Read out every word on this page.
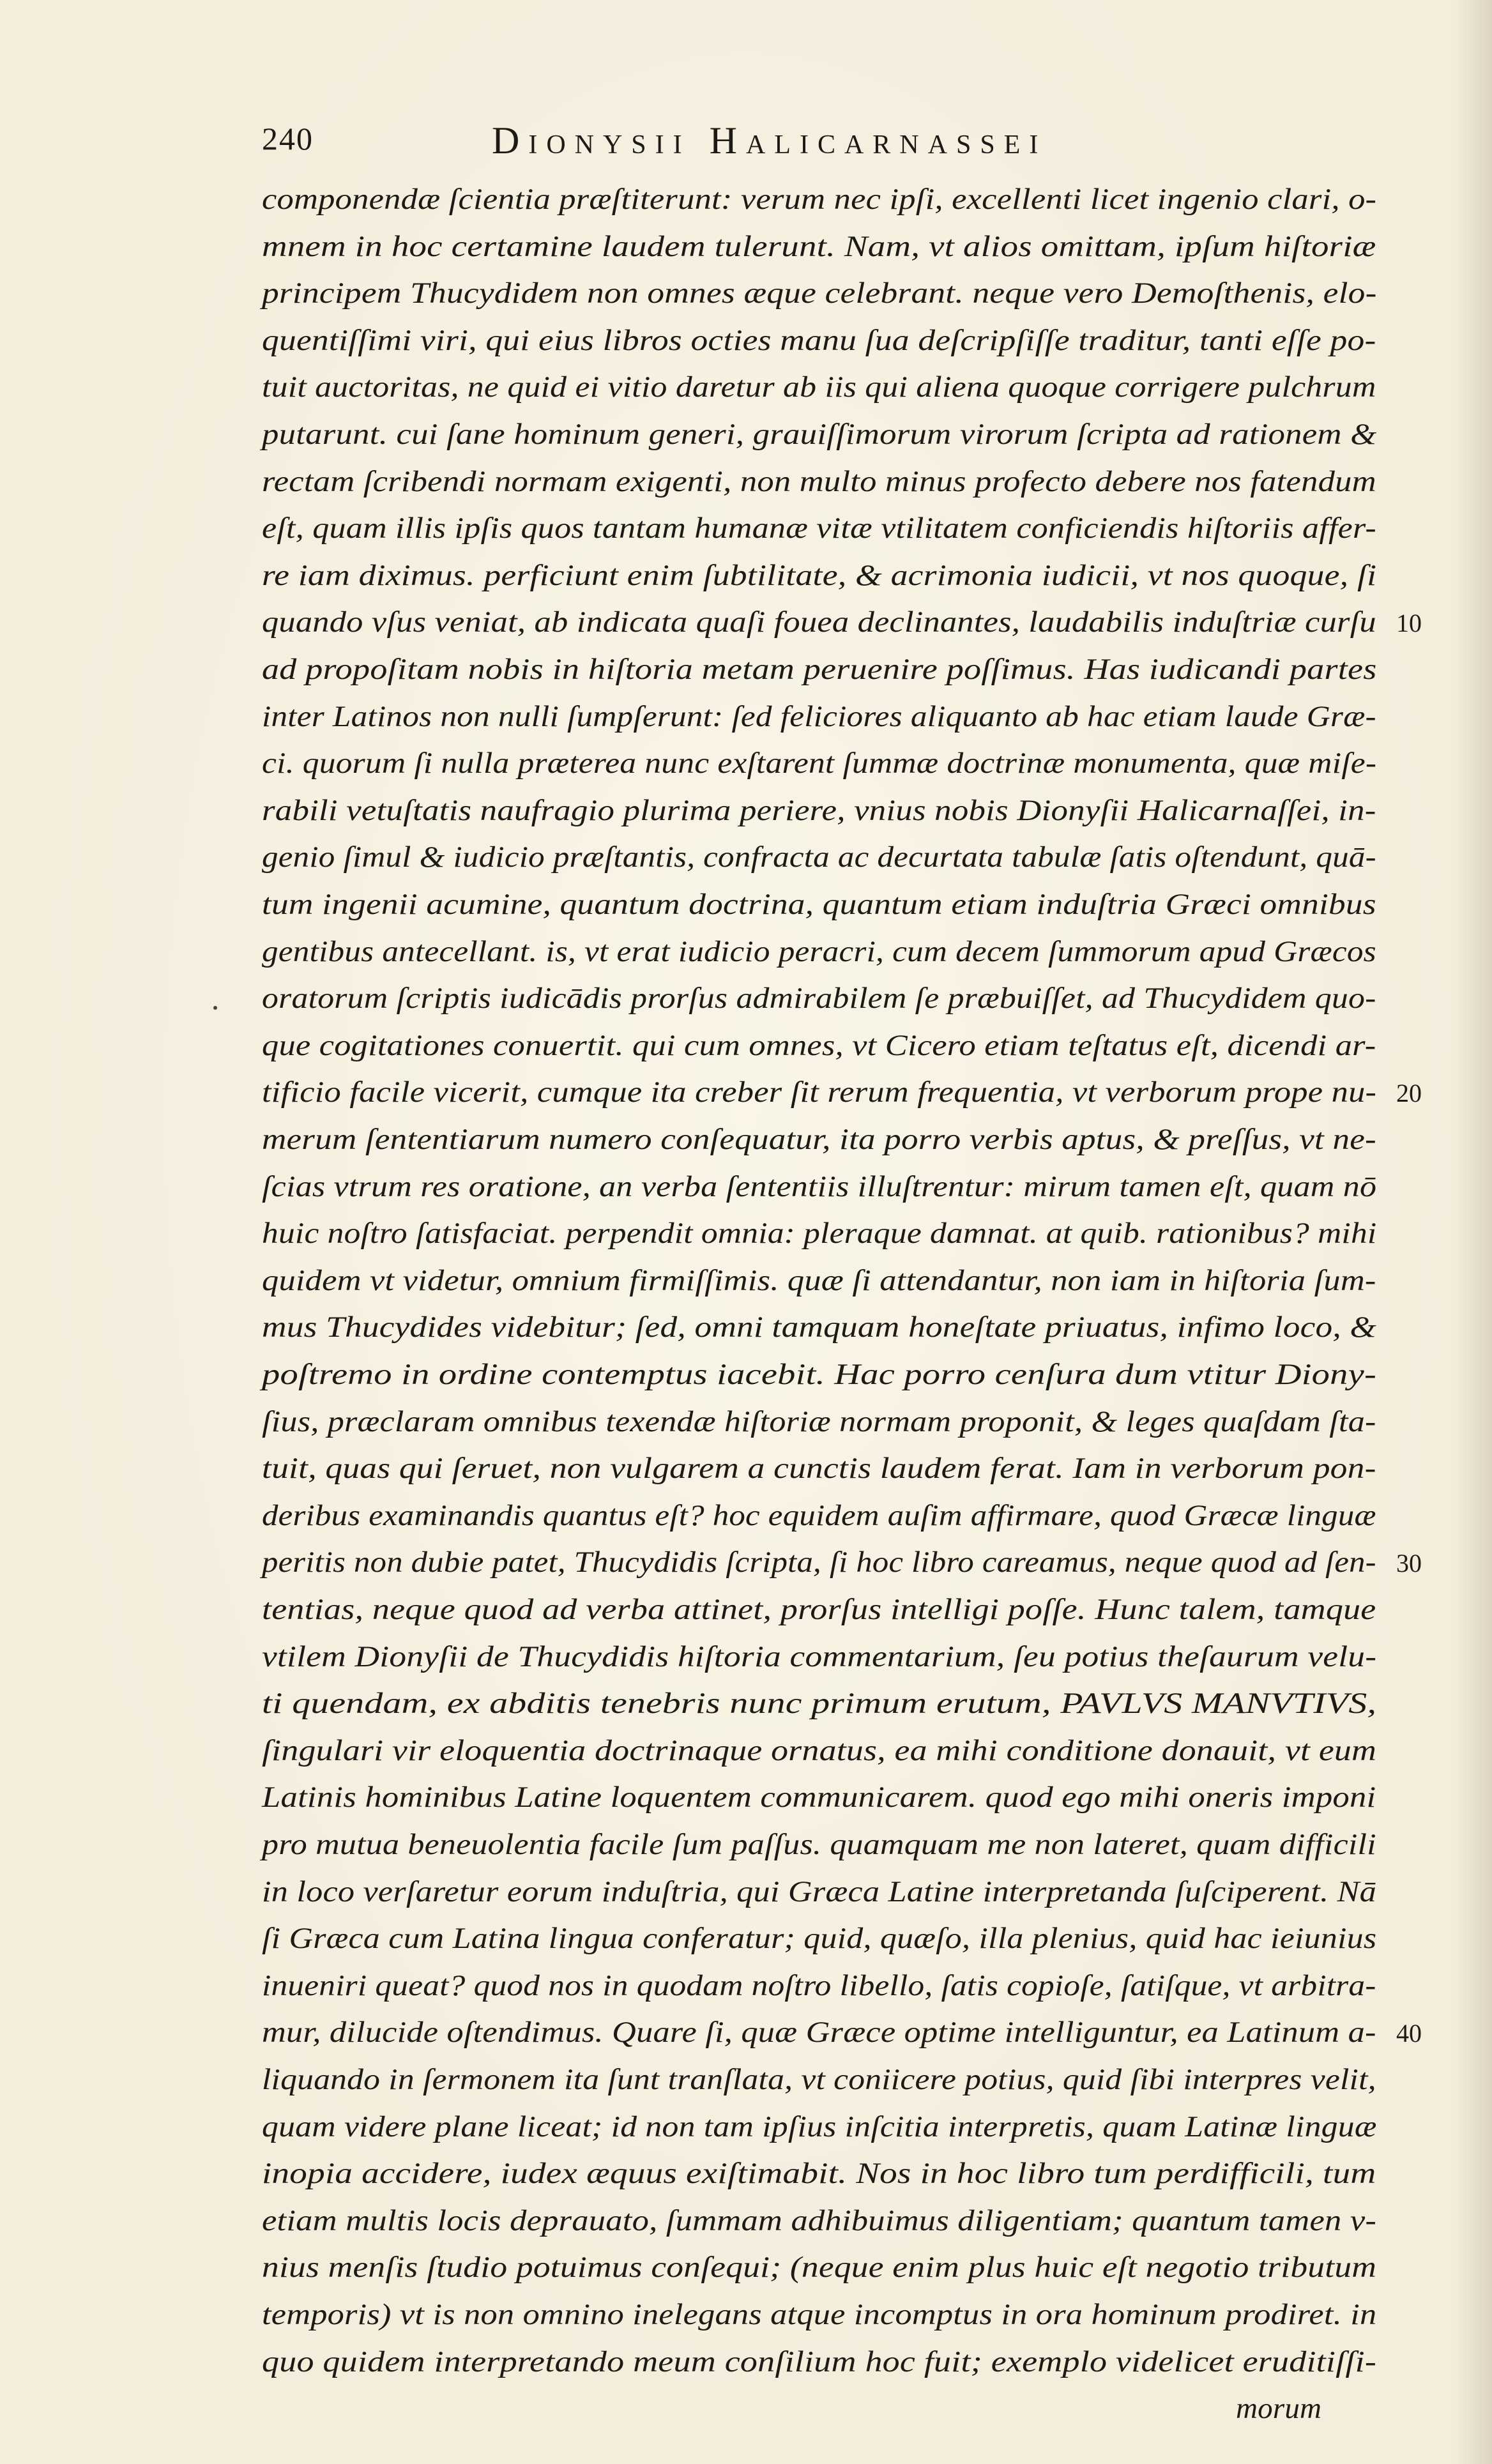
240	Dionysii Halicarnassei
componendæ ſcientia præſtiterunt: verum nec ipſi, excellenti licet ingenio clari, o-
mnem in hoc certamine laudem tulerunt. Nam, vt alios omittam, ipſum hiſtoriæ
principem Thucydidem non omnes æque celebrant. neque vero Demoſthenis, elo-
quentiſſimi viri, qui eius libros octies manu ſua deſcripſiſſe traditur, tanti eſſe po-
tuit auctoritas, ne quid ei vitio daretur ab iis qui aliena quoque corrigere pulchrum
putarunt. cui ſane hominum generi, grauiſſimorum virorum ſcripta ad rationem &
rectam ſcribendi normam exigenti, non multo minus profecto debere nos fatendum
eſt, quam illis ipſis quos tantam humanæ vitæ vtilitatem conficiendis hiſtoriis affer-
re iam diximus. perficiunt enim ſubtilitate, & acrimonia iudicii, vt nos quoque, ſi
quando vſus veniat, ab indicata quaſi fouea declinantes, laudabilis induſtriæ curſu
ad propoſitam nobis in hiſtoria metam peruenire poſſimus. Has iudicandi partes
inter Latinos non nulli ſumpſerunt: ſed feliciores aliquanto ab hac etiam laude Græ-
ci. quorum ſi nulla præterea nunc exſtarent ſummæ doctrinæ monumenta, quæ miſe-
rabili vetuſtatis naufragio plurima periere, vnius nobis Dionyſii Halicarnaſſei, in-
genio ſimul & iudicio præſtantis, confracta ac decurtata tabulæ ſatis oſtendunt, quā-
tum ingenii acumine, quantum doctrina, quantum etiam induſtria Græci omnibus
gentibus antecellant. is, vt erat iudicio peracri, cum decem ſummorum apud Græcos
oratorum ſcriptis iudicādis prorſus admirabilem ſe præbuiſſet, ad Thucydidem quo-
que cogitationes conuertit. qui cum omnes, vt Cicero etiam teſtatus eſt, dicendi ar-
tificio facile vicerit, cumque ita creber ſit rerum frequentia, vt verborum prope nu-
merum ſententiarum numero conſequatur, ita porro verbis aptus, & preſſus, vt ne-
ſcias vtrum res oratione, an verba ſententiis illuſtrentur: mirum tamen eſt, quam nō
huic noſtro ſatisfaciat. perpendit omnia: pleraque damnat. at quib. rationibus? mihi
quidem vt videtur, omnium firmiſſimis. quæ ſi attendantur, non iam in hiſtoria ſum-
mus Thucydides videbitur; ſed, omni tamquam honeſtate priuatus, infimo loco, &
poſtremo in ordine contemptus iacebit. Hac porro cenſura dum vtitur Diony-
ſius, præclaram omnibus texendæ hiſtoriæ normam proponit, & leges quaſdam ſta-
tuit, quas qui ſeruet, non vulgarem a cunctis laudem ferat. Iam in verborum pon-
deribus examinandis quantus eſt? hoc equidem auſim affirmare, quod Græcæ linguæ
peritis non dubie patet, Thucydidis ſcripta, ſi hoc libro careamus, neque quod ad ſen-
tentias, neque quod ad verba attinet, prorſus intelligi poſſe. Hunc talem, tamque
vtilem Dionyſii de Thucydidis hiſtoria commentarium, ſeu potius theſaurum velu-
ti quendam, ex abditis tenebris nunc primum erutum, PAVLVS MANVTIVS,
ſingulari vir eloquentia doctrinaque ornatus, ea mihi conditione donauit, vt eum
Latinis hominibus Latine loquentem communicarem. quod ego mihi oneris imponi
pro mutua beneuolentia facile ſum paſſus. quamquam me non lateret, quam difficili
in loco verſaretur eorum induſtria, qui Græca Latine interpretanda ſuſciperent. Nā
ſi Græca cum Latina lingua conferatur; quid, quæſo, illa plenius, quid hac ieiunius
inueniri queat? quod nos in quodam noſtro libello, ſatis copioſe, ſatiſque, vt arbitra-
mur, dilucide oſtendimus. Quare ſi, quæ Græce optime intelliguntur, ea Latinum a-
liquando in ſermonem ita ſunt tranſlata, vt coniicere potius, quid ſibi interpres velit,
quam videre plane liceat; id non tam ipſius inſcitia interpretis, quam Latinæ linguæ
inopia accidere, iudex æquus exiſtimabit. Nos in hoc libro tum perdifficili, tum
etiam multis locis deprauato, ſummam adhibuimus diligentiam; quantum tamen v-
nius menſis ſtudio potuimus conſequi; (neque enim plus huic eſt negotio tributum
temporis) vt is non omnino inelegans atque incomptus in ora hominum prodiret. in
quo quidem interpretando meum conſilium hoc fuit; exemplo videlicet eruditiſſi-
morum
10
20
30
40
